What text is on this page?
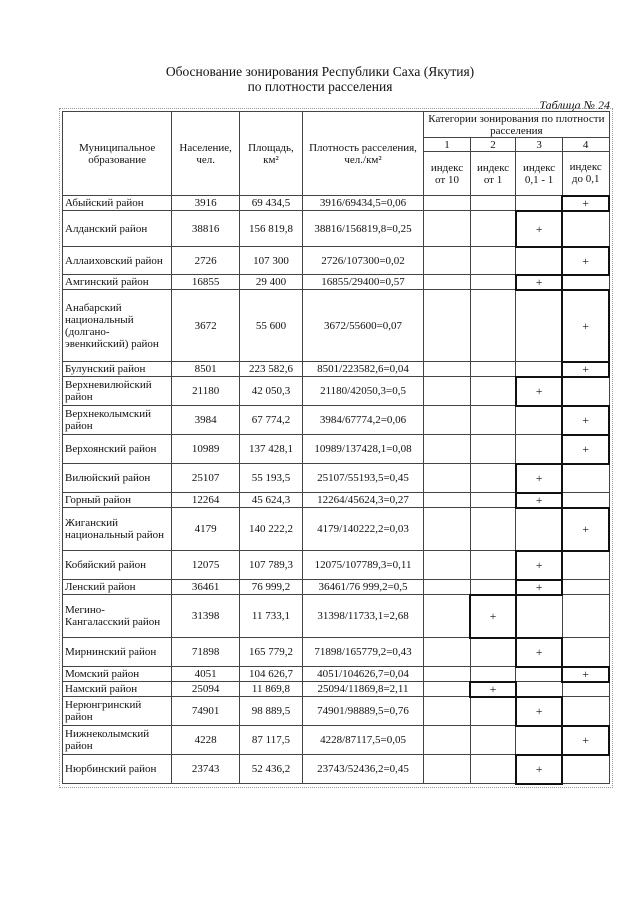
Обоснование зонирования Республики Саха (Якутия)
по плотности расселения
Таблица № 24
Муниципальное образование	Население, чел.	Площадь, км²	Плотность расселения, чел./км²	Категории зонирования по плотности расселения			
				1	2	3	4
				индекс от 10	индекс от 1	индекс 0,1 - 1	индекс до 0,1
Абыйский район	3916	69 434,5	3916/69434,5=0,06				+
Алданский район	38816	156 819,8	38816/156819,8=0,25			+	
Аллаиховский район	2726	107 300	2726/107300=0,02				+
Амгинский район	16855	29 400	16855/29400=0,57			+	
Анабарский национальный (долгано-эвенкийский) район	3672	55 600	3672/55600=0,07				+
Булунский район	8501	223 582,6	8501/223582,6=0,04				+
Верхневилюйский район	21180	42 050,3	21180/42050,3=0,5			+	
Верхнеколымский район	3984	67 774,2	3984/67774,2=0,06				+
Верхоянский район	10989	137 428,1	10989/137428,1=0,08				+
Вилюйский район	25107	55 193,5	25107/55193,5=0,45			+	
Горный район	12264	45 624,3	12264/45624,3=0,27			+	
Жиганский национальный район	4179	140 222,2	4179/140222,2=0,03				+
Кобяйский район	12075	107 789,3	12075/107789,3=0,11			+	
Ленский район	36461	76 999,2	36461/76 999,2=0,5			+	
Мегино-Кангаласский район	31398	11 733,1	31398/11733,1=2,68		+		
Мирнинский район	71898	165 779,2	71898/165779,2=0,43			+	
Момский район	4051	104 626,7	4051/104626,7=0,04				+
Намский район	25094	11 869,8	25094/11869,8=2,11		+		
Нерюнгринский район	74901	98 889,5	74901/98889,5=0,76			+	
Нижнеколымский район	4228	87 117,5	4228/87117,5=0,05				+
Нюрбинский район	23743	52 436,2	23743/52436,2=0,45			+	
